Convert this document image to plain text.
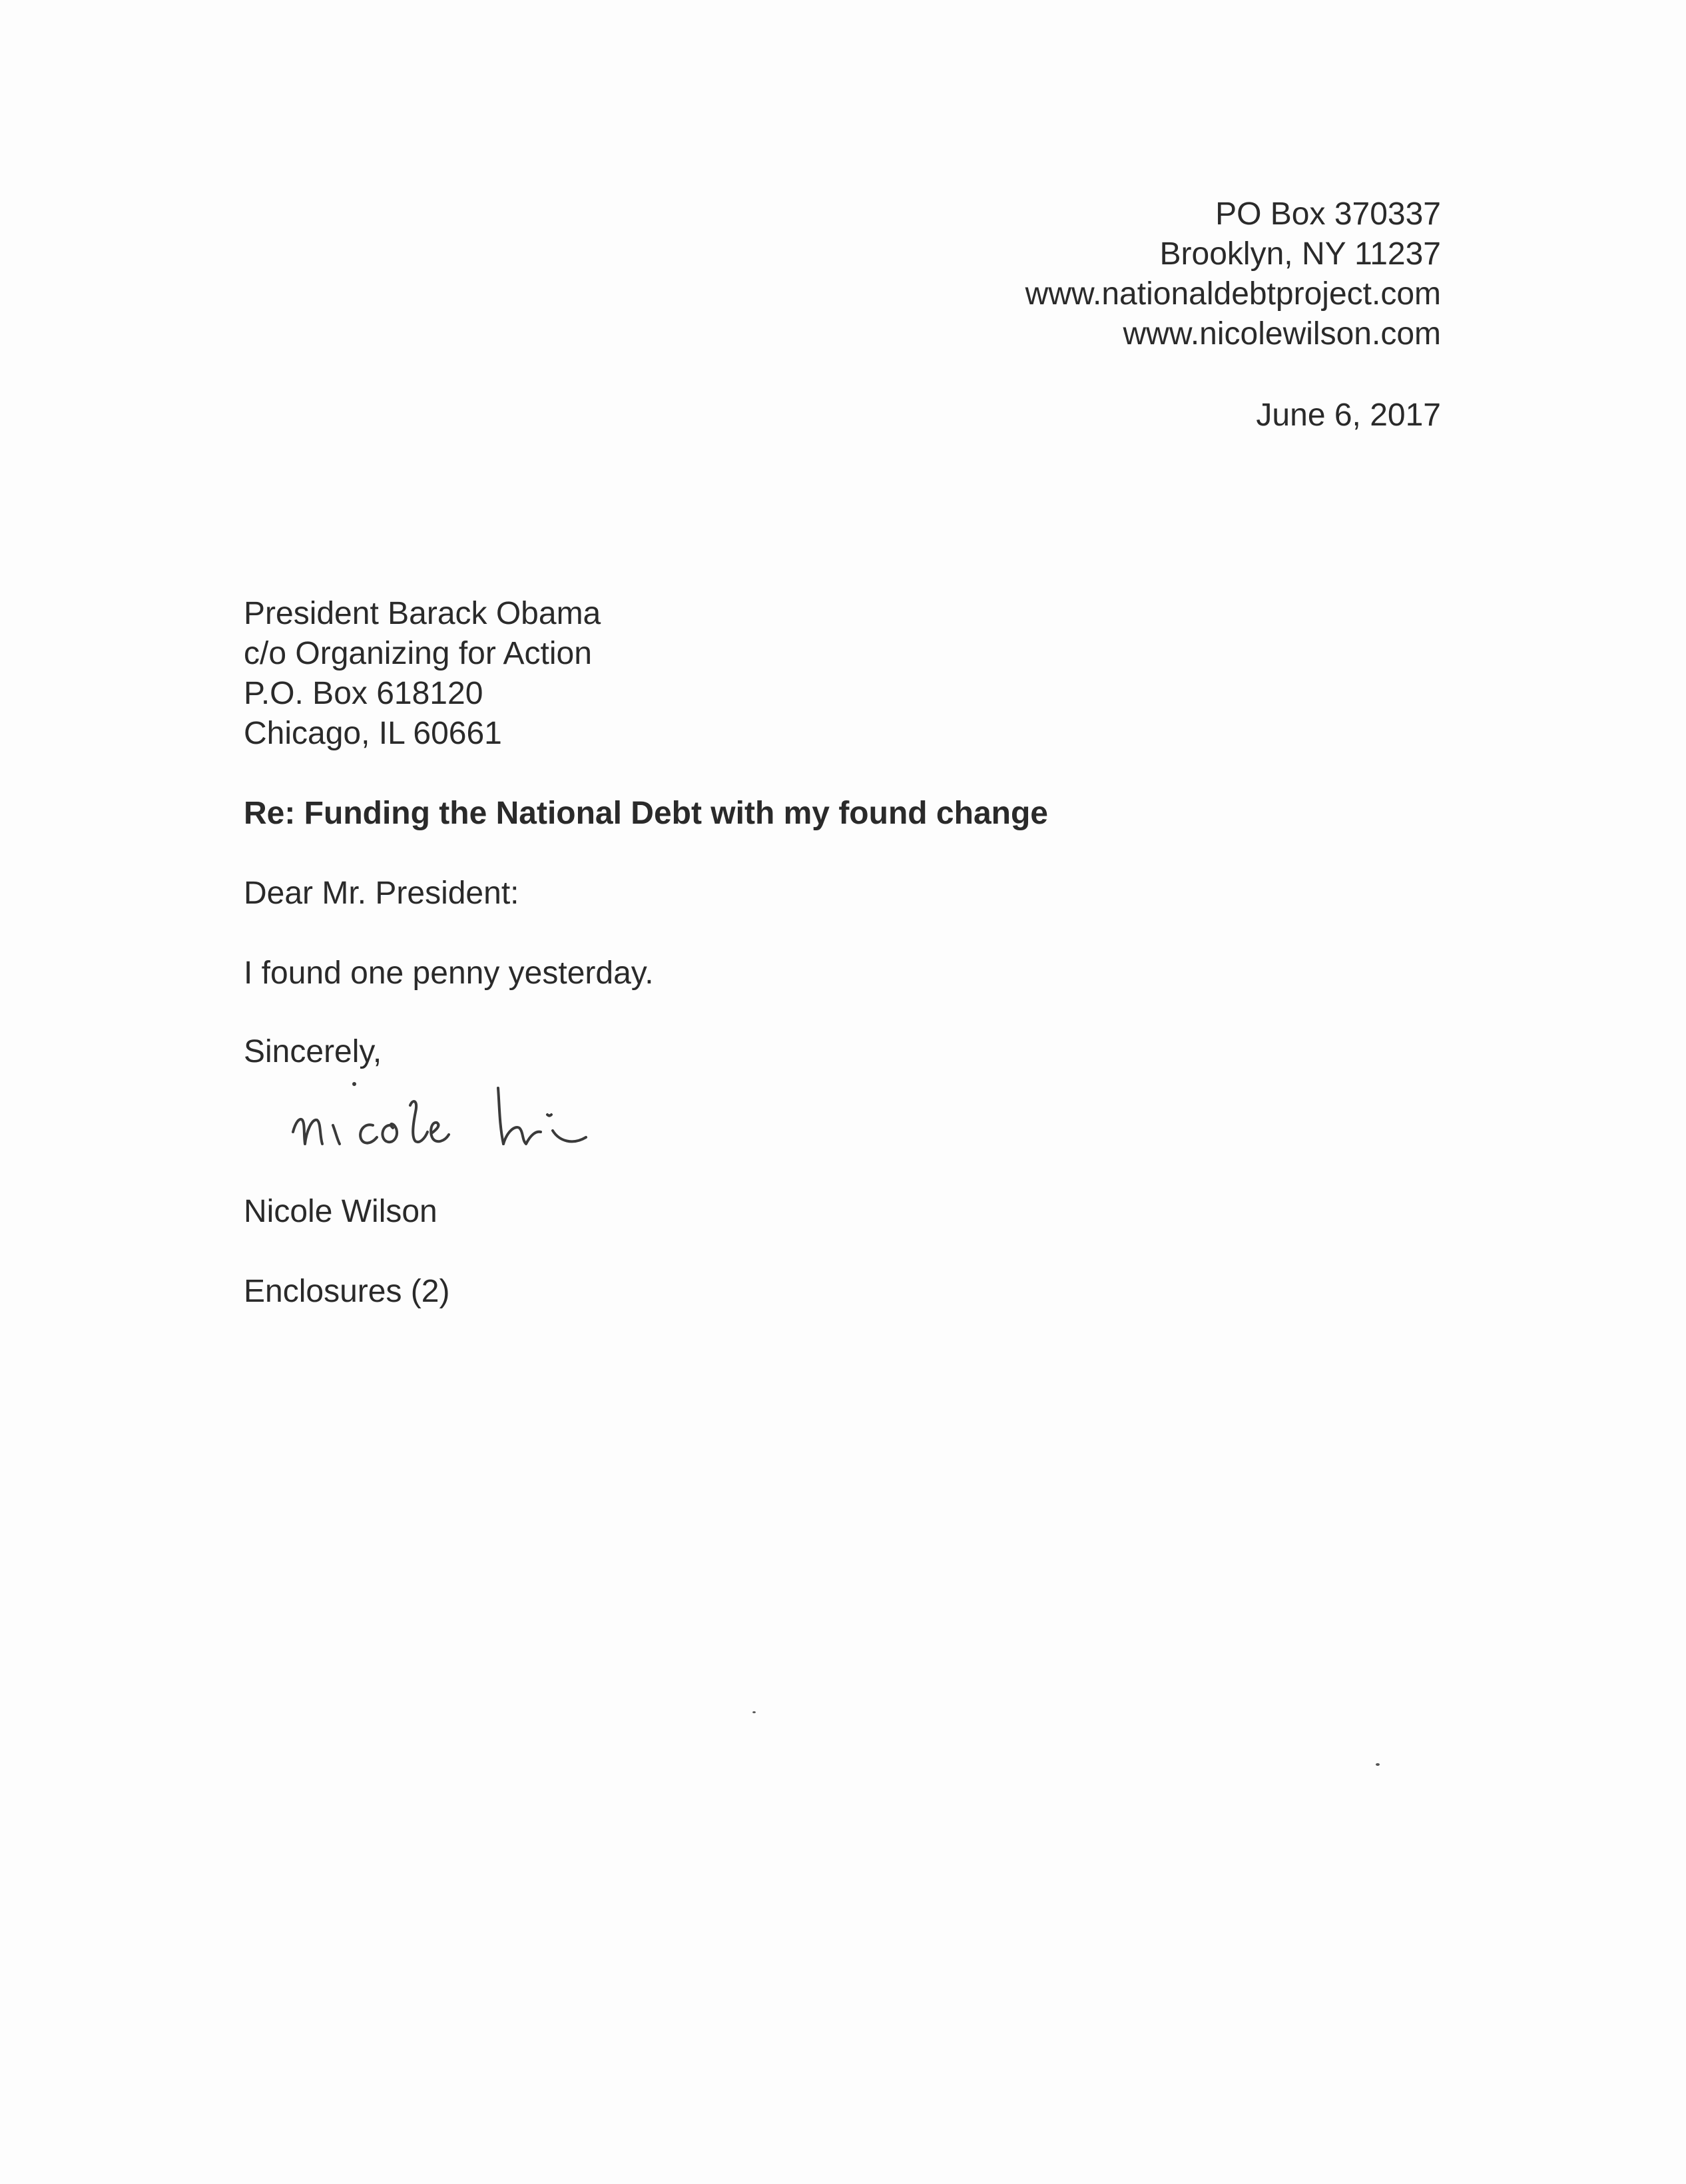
PO Box 370337
Brooklyn, NY 11237
www.nationaldebtproject.com
www.nicolewilson.com
June 6, 2017
President Barack Obama
c/o Organizing for Action
P.O. Box 618120
Chicago, IL 60661
Re: Funding the National Debt with my found change
Dear Mr. President:
I found one penny yesterday.
Sincerely,
Nicole Wilson
Enclosures (2)
